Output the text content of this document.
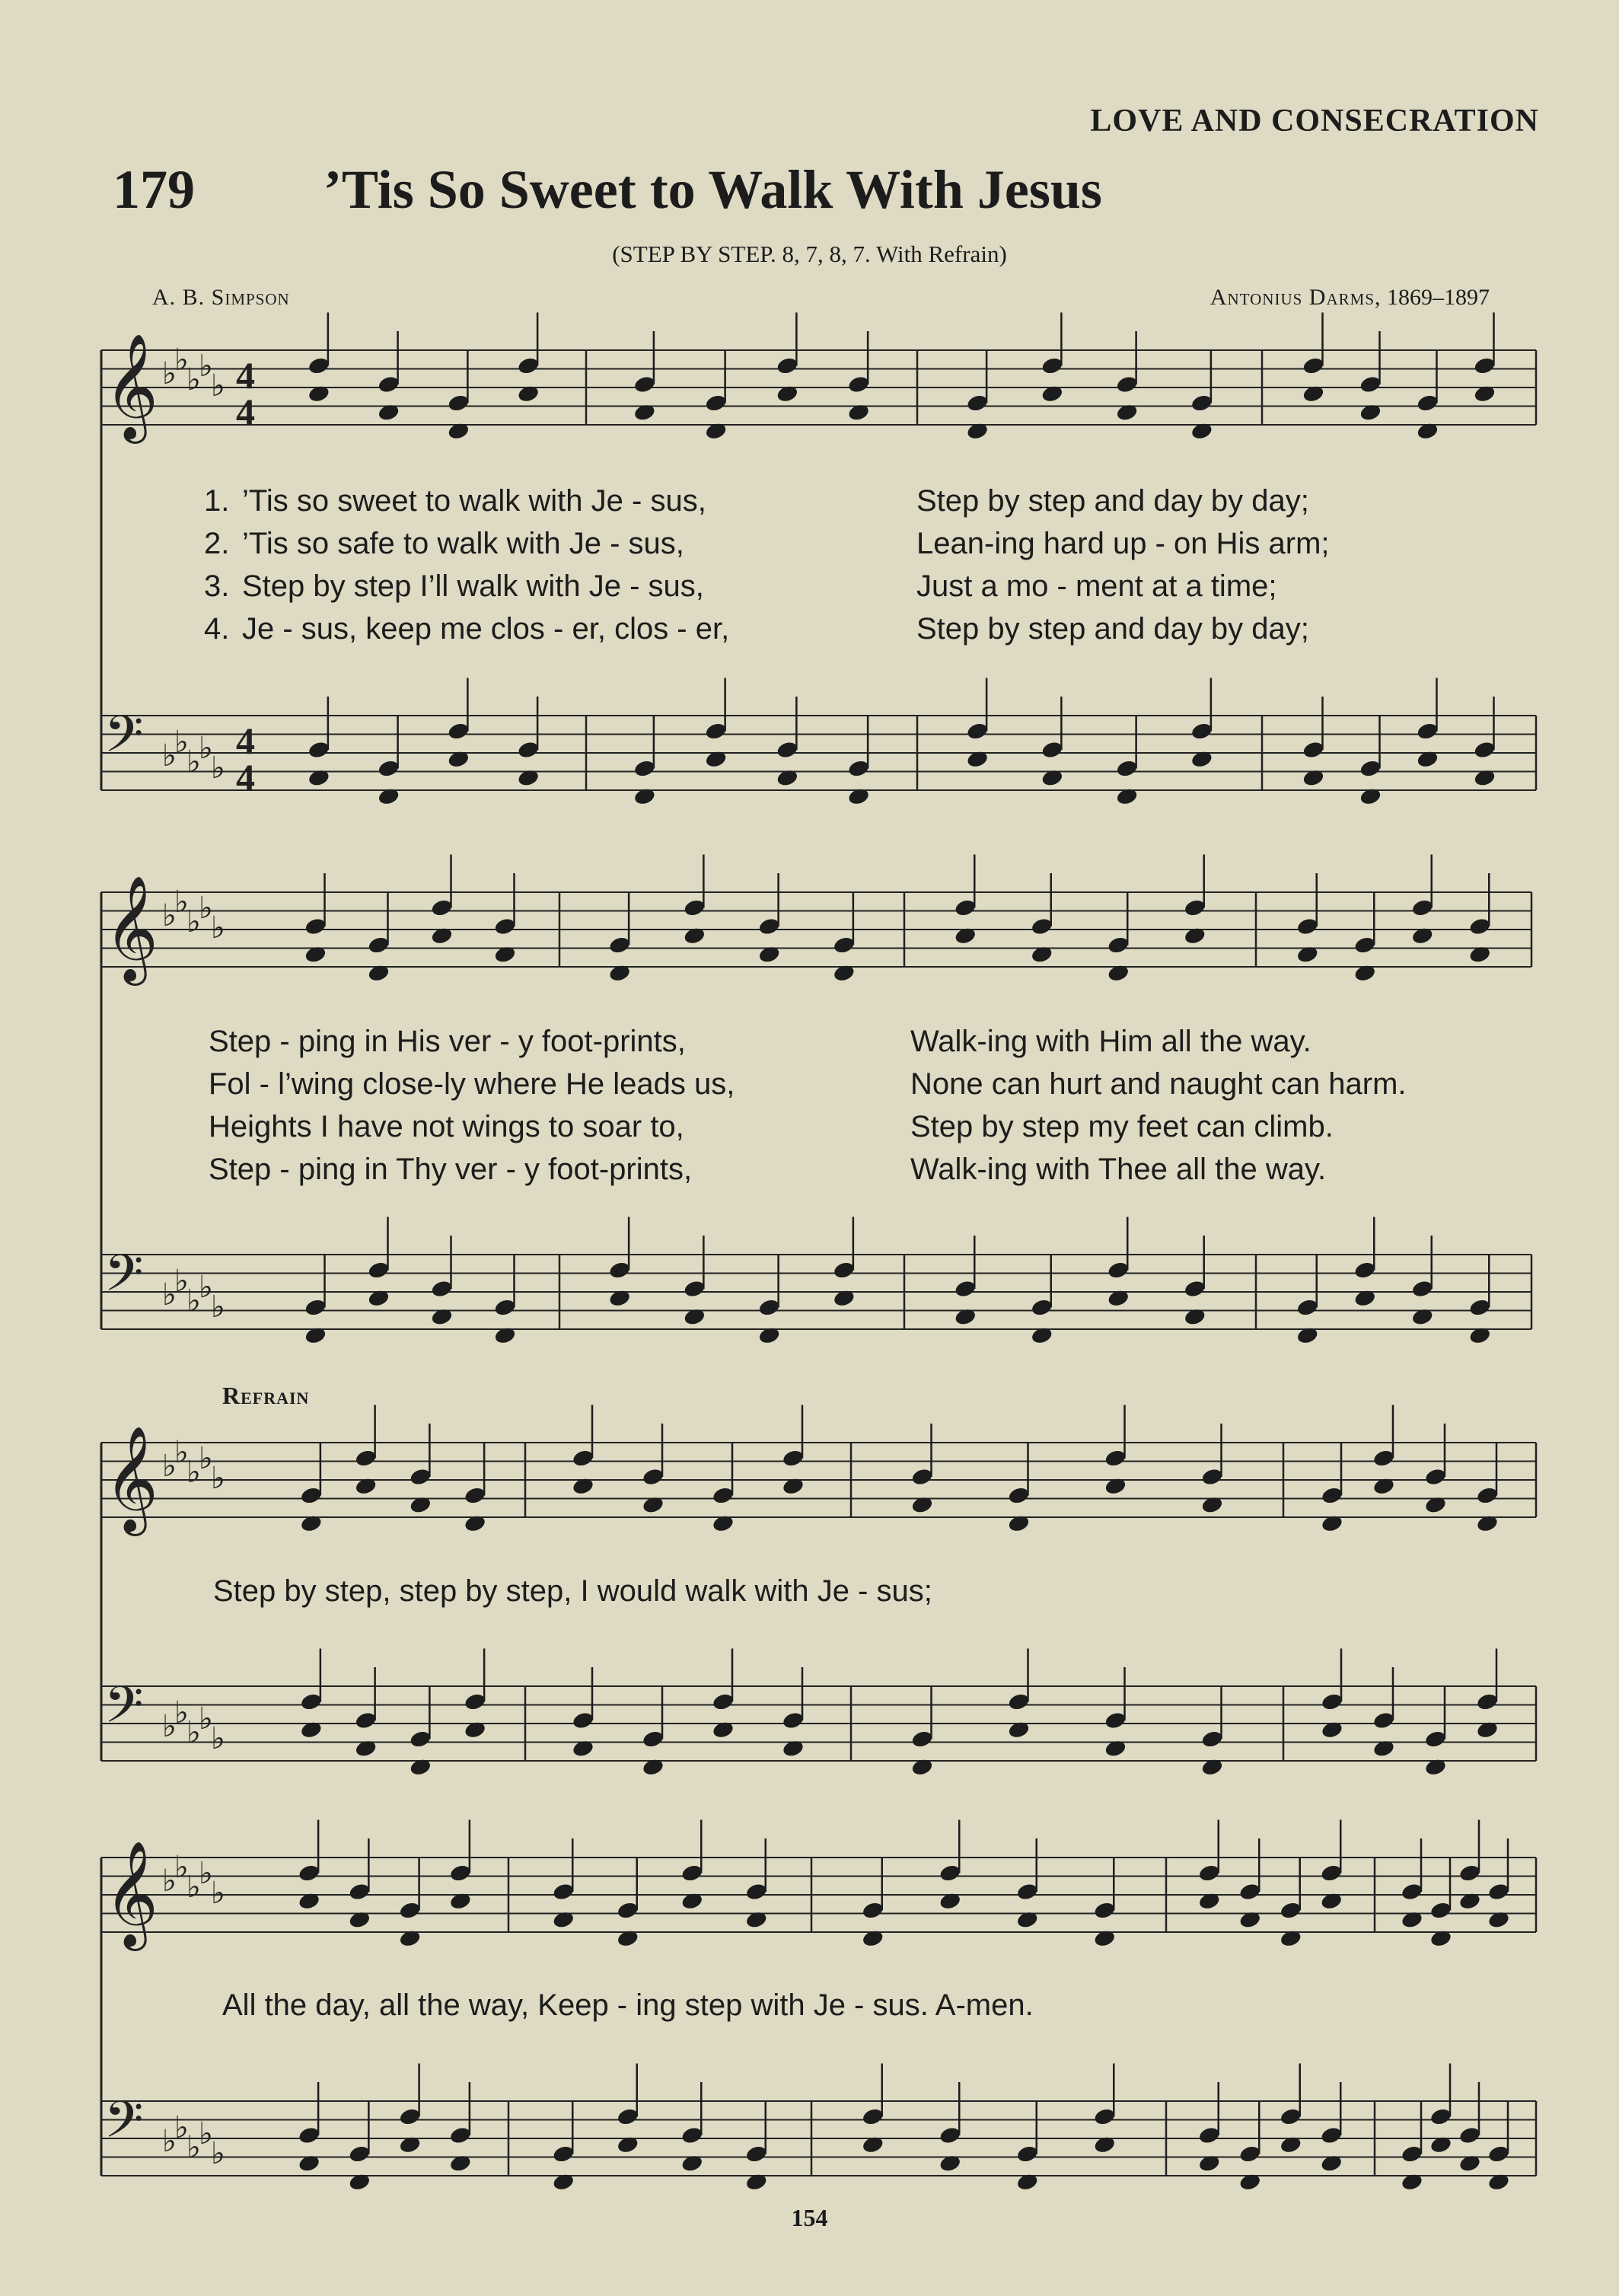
LOVE AND CONSECRATION
179 ’Tis So Sweet to Walk With Jesus
(STEP BY STEP. 8, 7, 8, 7. With Refrain)
A. B. Simpson	Antonius Darms, 1869–1897
𝄞 ♭
♭
♭
♭
♭
𝄢 ♭
♭
♭
♭
♭
𝄞 ♭
♭
♭
♭
♭
𝄢 ♭
♭
♭
♭
♭
𝄞 ♭
♭
♭
♭
♭
𝄢 ♭
♭
♭
♭
♭
𝄞 ♭
♭
♭
♭
♭
𝄢 ♭
♭
♭
♭
♭
4
4
4
4
1. ’Tis so sweet to walk with Je - sus,	Step by step and day by day;
2. ’Tis so safe to walk with Je - sus,	Lean-ing hard up - on His arm;
3. Step by step I’ll walk with Je - sus,	Just a mo - ment at a time;
4. Je - sus, keep me clos - er, clos - er,	Step by step and day by day;
Step - ping in His ver - y foot-prints,	Walk-ing with Him all the way.
Fol - l’wing close-ly where He leads us,	None can hurt and naught can harm.
Heights I have not wings to soar to,	Step by step my feet can climb.
Step - ping in Thy ver - y foot-prints,	Walk-ing with Thee all the way.
Refrain
Step by step, step by step, I would walk with Je - sus;
All the day, all the way, Keep - ing step with Je - sus. A-men.
154
